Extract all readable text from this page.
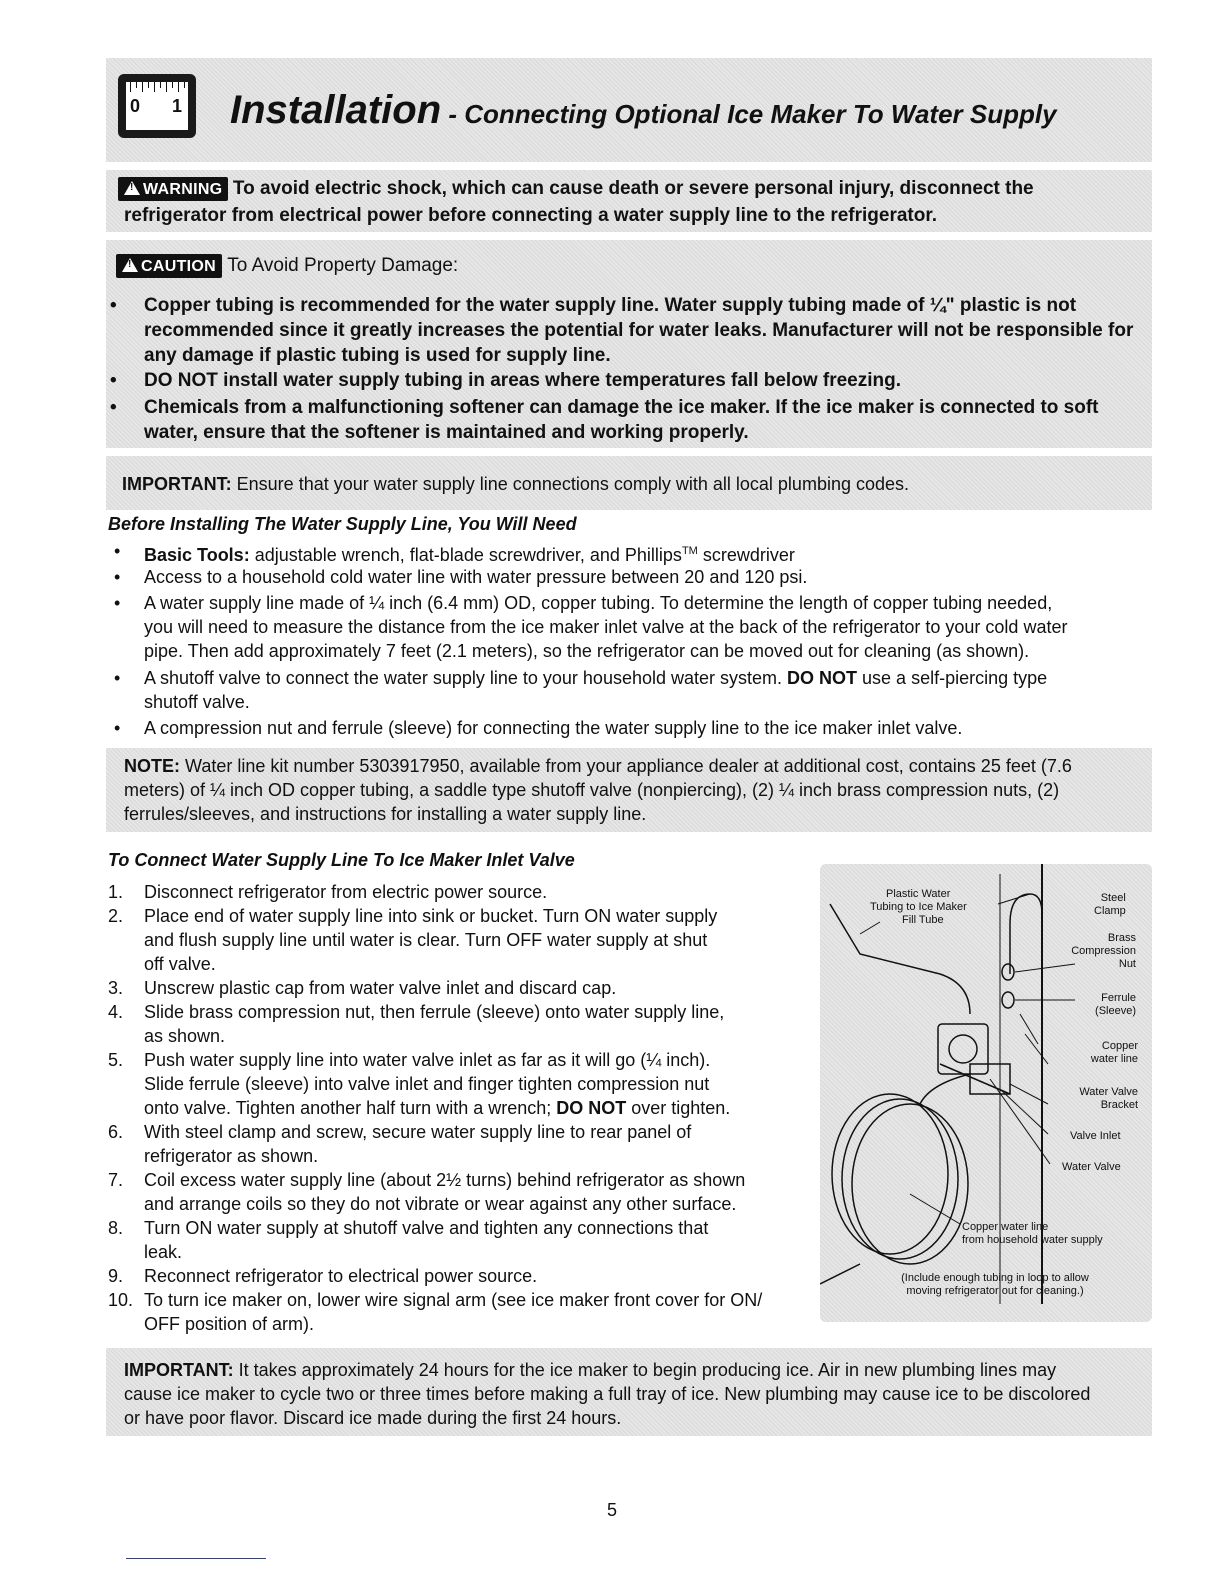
0 1 Installation - Connecting Optional Ice Maker To Water Supply
!WARNING To avoid electric shock, which can cause death or severe personal injury, disconnect the
refrigerator from electrical power before connecting a water supply line to the refrigerator.
!CAUTION To Avoid Property Damage:
• Copper tubing is recommended for the water supply line. Water supply tubing made of ¼" plastic is not
recommended since it greatly increases the potential for water leaks. Manufacturer will not be responsible for
any damage if plastic tubing is used for supply line.
• DO NOT install water supply tubing in areas where temperatures fall below freezing.
• Chemicals from a malfunctioning softener can damage the ice maker. If the ice maker is connected to soft
water, ensure that the softener is maintained and working properly.
IMPORTANT: Ensure that your water supply line connections comply with all local plumbing codes.
Before Installing The Water Supply Line, You Will Need
• Basic Tools: adjustable wrench, flat-blade screwdriver, and Phillips™ screwdriver
• Access to a household cold water line with water pressure between 20 and 120 psi.
• A water supply line made of ¼ inch (6.4 mm) OD, copper tubing. To determine the length of copper tubing needed,
you will need to measure the distance from the ice maker inlet valve at the back of the refrigerator to your cold water
pipe. Then add approximately 7 feet (2.1 meters), so the refrigerator can be moved out for cleaning (as shown).
• A shutoff valve to connect the water supply line to your household water system. DO NOT use a self-piercing type
shutoff valve.
• A compression nut and ferrule (sleeve) for connecting the water supply line to the ice maker inlet valve.
NOTE: Water line kit number 5303917950, available from your appliance dealer at additional cost, contains 25 feet (7.6
meters) of ¼ inch OD copper tubing, a saddle type shutoff valve (nonpiercing), (2) ¼ inch brass compression nuts, (2)
ferrules/sleeves, and instructions for installing a water supply line.
To Connect Water Supply Line To Ice Maker Inlet Valve
1.	Disconnect refrigerator from electric power source.
2.	Place end of water supply line into sink or bucket. Turn ON water supply
and flush supply line until water is clear. Turn OFF water supply at shut
off valve.
3.	Unscrew plastic cap from water valve inlet and discard cap.
4.	Slide brass compression nut, then ferrule (sleeve) onto water supply line,
as shown.
5.	Push water supply line into water valve inlet as far as it will go (¼ inch).
Slide ferrule (sleeve) into valve inlet and finger tighten compression nut
onto valve. Tighten another half turn with a wrench; DO NOT over tighten.
6.	With steel clamp and screw, secure water supply line to rear panel of
refrigerator as shown.
7.	Coil excess water supply line (about 2½ turns) behind refrigerator as shown
and arrange coils so they do not vibrate or wear against any other surface.
8.	Turn ON water supply at shutoff valve and tighten any connections that
leak.
9.	Reconnect refrigerator to electrical power source.
10. To turn ice maker on, lower wire signal arm (see ice maker front cover for ON/
OFF position of arm).
Plastic Water
Tubing to Ice Maker
Fill Tube
Steel
Clamp
Brass
Compression
Nut
Ferrule
(Sleeve)
Copper
water line
Water Valve
Bracket
Valve Inlet
Water Valve
Copper water line
from household water supply
(Include enough tubing in loop to allow
moving refrigerator out for cleaning.)
IMPORTANT: It takes approximately 24 hours for the ice maker to begin producing ice. Air in new plumbing lines may
cause ice maker to cycle two or three times before making a full tray of ice. New plumbing may cause ice to be discolored
or have poor flavor. Discard ice made during the first 24 hours.
5
